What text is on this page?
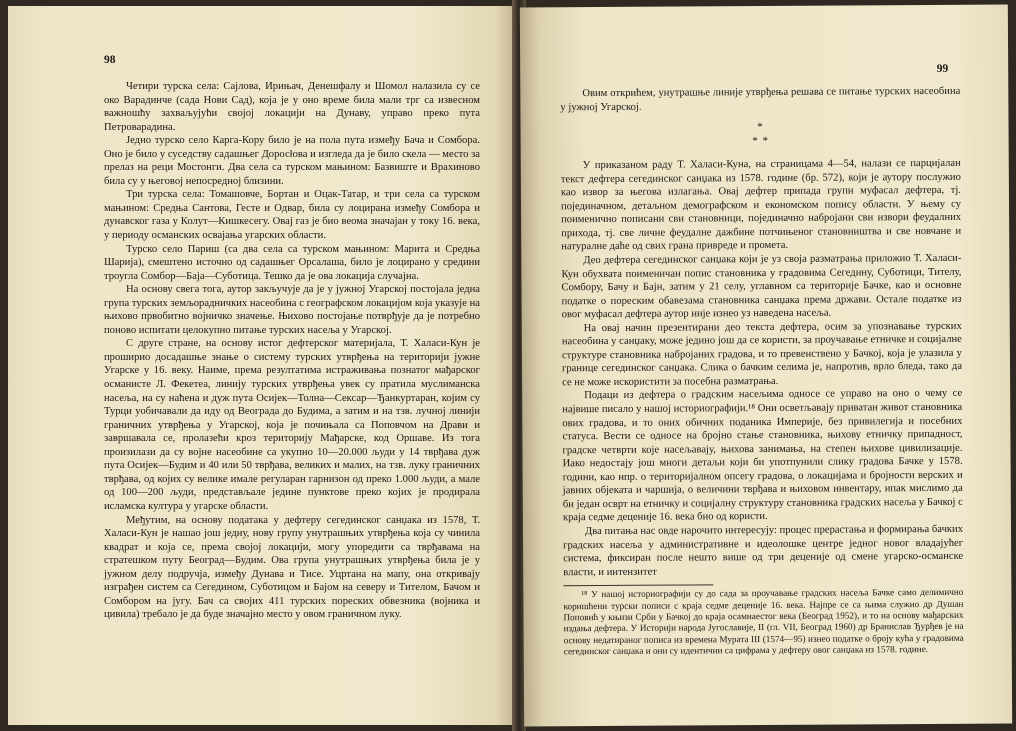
98

Четири турска села: Сајлова, Ирињач, Денешфалу и Шомол налазила су се око Варадинче (сада Нови Сад), која је у оно време била мали трг са извесном важношћу захваљујући својој локацији на Дунаву, управо преко пута Петроварадина.

Једно турско село Карга-Кору било је на пола пута између Бача и Сомбора. Оно је било у суседству садашњег Доросłова и изгледа да је било скела — место за прелаз на реци Мостонги. Два села са турском мањином: Базвиште и Врахиново била су у његовој непосредној близини.

Три турска села: Томашовче, Бортан и Оцак-Татар, и три села са турском мањином: Средња Сантова, Гесте и Одвар, била су лоцирана између Сомбора и дунавског газа у Колут—Кишкесегу. Овај газ је био веома значајан у току 16. века, у периоду османских освајања угарских области.

Турско село Париш (са два села са турском мањином: Марита и Средња Шарија), смештено источно од садашњег Орсалаша, било је лоцирано у средини троугла Сомбор—Баја—Суботица. Тешко да је ова локација случајна.

На основу свега тога, аутор закључује да је у јужној Угарској постојала једна група турских земљорадничких насеобина с географском локацијом која указује на њихово првобитно војничко значење. Њихово постојање потврђује да је потребно поново испитати целокупно питање турских насеља у Угарској.

С друге стране, на основу истог дефтерског материјала, Т. Халаси-Кун је проширио досадашње знање о систему турских утврђења на територији јужне Угарске у 16. веку. Наиме, према резултатима истраживања познатог мађарског османисте Л. Фекетеа, линију турских утврђења увек су пратила муслиманска насеља, на су наћена и дуж пута Осијек—Толна—Сексар—Ђанкуртаран, којим су Турци уобичавали да иду од Веограда до Будима, а затим и на тзв. лучној линији граничних утврђења у Угарској, која је почињала са Поповчом на Драви и завршавала се, пролазећи кроз територију Мађарске, код Оршаве. Из тога произилази да су војне насеобине са укупно 10—20.000 људи у 14 тврђава дуж пута Осијек—Будим и 40 или 50 тврђава, великих и малих, на тзв. луку граничних тврђава, од којих су велике имале регуларан гарнизон од преко 1.000 људи, а мале од 100—200 људи, представљале једине пунктове преко којих је продирала исламска култура у угарске области.

Међутим, на основу података у дефтеру сегединског санџака из 1578, Т. Халаси-Кун је нашао још једну, нову групу унутрашњих утврђења која су чинила квадрат и која се, према својој локацији, могу упоредити са тврђавама на стратешком путу Београд—Будим. Ова група унутрашњих утврђења била је у јужном делу подручја, између Дунава и Тисе. Уцртана на мапу, она откривају изграђен систем са Сегедином, Суботицом и Бајом на северу и Тителом, Бачом и Сомбором на југу. Бач са својих 411 турских пореских обвезника (војника и цивила) требало је да буде значајно место у овом граничном луку.

99

Овим открићем, унутрашње линије утврђења решава се питање турских насеобина у јужној Угарској.

*
* *

У приказаном раду Т. Халаси-Куна, на страницама 4—54, налази се парцијалан текст дефтера сегединског санџака из 1578. године (бр. 572), који је аутору послужио као извор за његова излагања. Овај дефтер припада групи муфасал дефтера, тј. појединачном, детаљном демографском и економском попису области. У њему су поименично пописани сви становници, појединачно набројани сви извори феудалних прихода, тј. све личне феудалне дажбине потчињеног становништва и све новчане и натуралне даће од свих грана привреде и промета.

Део дефтера сегединског санџака који је уз своја разматрања приложио Т. Халаси-Кун обухвата поименичан попис становника у градовима Сегедину, Суботици, Тителу, Сомбору, Бачу и Бајн, затим у 21 селу, углавном са територије Бачке, као и основне податке о пореским обавезама становника санџака према држави. Остале податке из овог муфасал дефтера аутор није изнео уз наведена насеља.

На овај начин презентирани део текста дефтера, осим за упознавање турских насеобина у санџаку, може једино још да се користи, за проучавање етничке и социјалне структуре становника набројаних градова, и то превенствено у Бачкој, која је улазила у границе сегединског санџака. Слика о бачким селима је, напротив, врло бледа, тако да се не може искористити за посебна разматрања.

Подаци из дефтера о градским насељима односе се управо на оно о чему се највише писало у нашој историографији.¹⁸ Они осветљавају приватан живот становника ових градова, и то оних обичних поданика Империје, без привилегија и посебних статуса. Вести се односе на бројно стање становника, њихову етничку припадност, градске четврти које насељавају, њихова занимања, на степен њихове цивилизације. Иако недостају још многи детаљи који би употпунили слику градова Бачке у 1578. години, као нпр. о територијалном опсегу градова, о локацијама и бројности верских и јавних објеката и чаршија, о величини тврђава и њиховом инвентару, ипак мислимо да би један осврт на етничку и социјалну структуру становника градских насеља у Бачкој с краја седме деценије 16. века био од користи.

Два питања нас овде нарочито интересују: процес прерастања и формирања бачких градских насеља у административне и идеолошке центре једног новог владајућег система, фиксиран после нешто више од три деценије од смене угарско-османске власти, и интензитет

¹⁸ У нашој историографији су до сада за проучавање градских насеља Бачке само делимично коришћени турски пописи с краја седме деценије 16. века. Најпре се са њима служио др Душан Поповић у књизи Срби у Бачкој до краја осамнаестог века (Београд 1952), и то на основу мађарских издања дефтера. У Историји народа Југославије, II (гл. VII, Београд 1960) др Бранислав Ђурђев је на основу недатираног пописа из времена Мурата III (1574—95) изнео податке о броју кућа у градовима сегединског санџака и они су идентични са цифрама у дефтеру овог санџака из 1578. године.
